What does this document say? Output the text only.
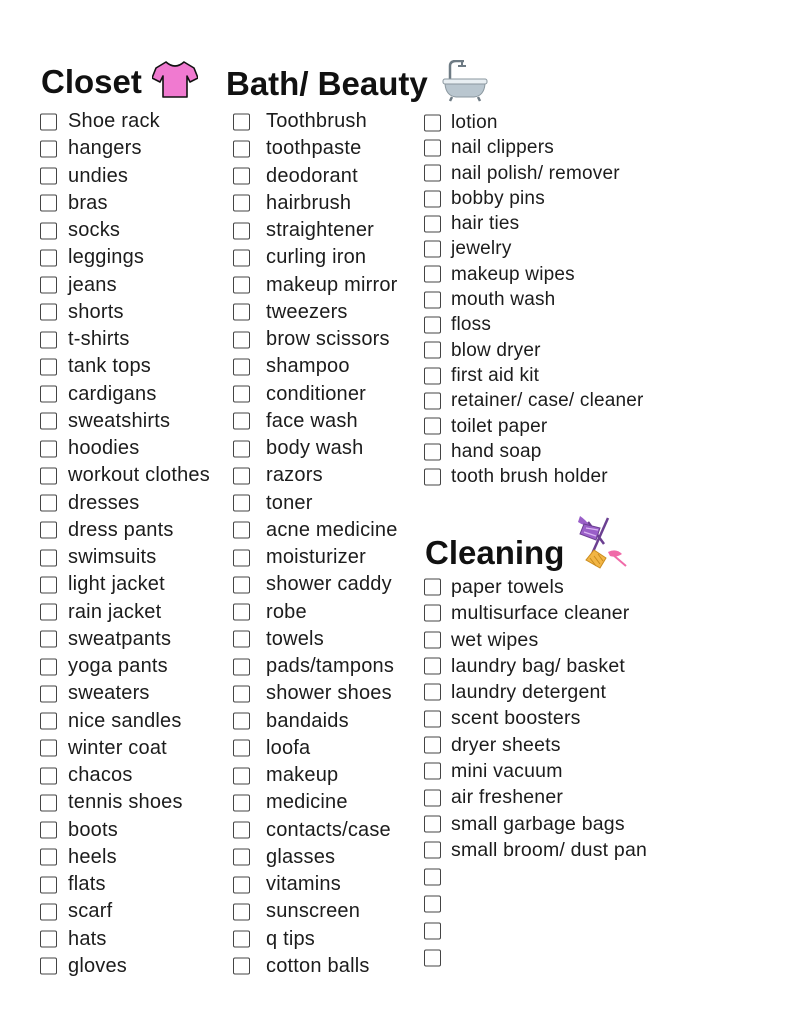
Closet	Bath/ Beauty
Cleaning
Shoe rack
hangers
undies
bras
socks
leggings
jeans
shorts
t-shirts
tank tops
cardigans
sweatshirts
hoodies
workout clothes
dresses
dress pants
swimsuits
light jacket
rain jacket
sweatpants
yoga pants
sweaters
nice sandles
winter coat
chacos
tennis shoes
boots
heels
flats
scarf
hats
gloves
Toothbrush
toothpaste
deodorant
hairbrush
straightener
curling iron
makeup mirror
tweezers
brow scissors
shampoo
conditioner
face wash
body wash
razors
toner
acne medicine
moisturizer
shower caddy
robe
towels
pads/tampons
shower shoes
bandaids
loofa
makeup
medicine
contacts/case
glasses
vitamins
sunscreen
q tips
cotton balls
lotion
nail clippers
nail polish/ remover
bobby pins
hair ties
jewelry
makeup wipes
mouth wash
floss
blow dryer
first aid kit
retainer/ case/ cleaner
toilet paper
hand soap
tooth brush holder
paper towels
multisurface cleaner
wet wipes
laundry bag/ basket
laundry detergent
scent boosters
dryer sheets
mini vacuum
air freshener
small garbage bags
small broom/ dust pan
